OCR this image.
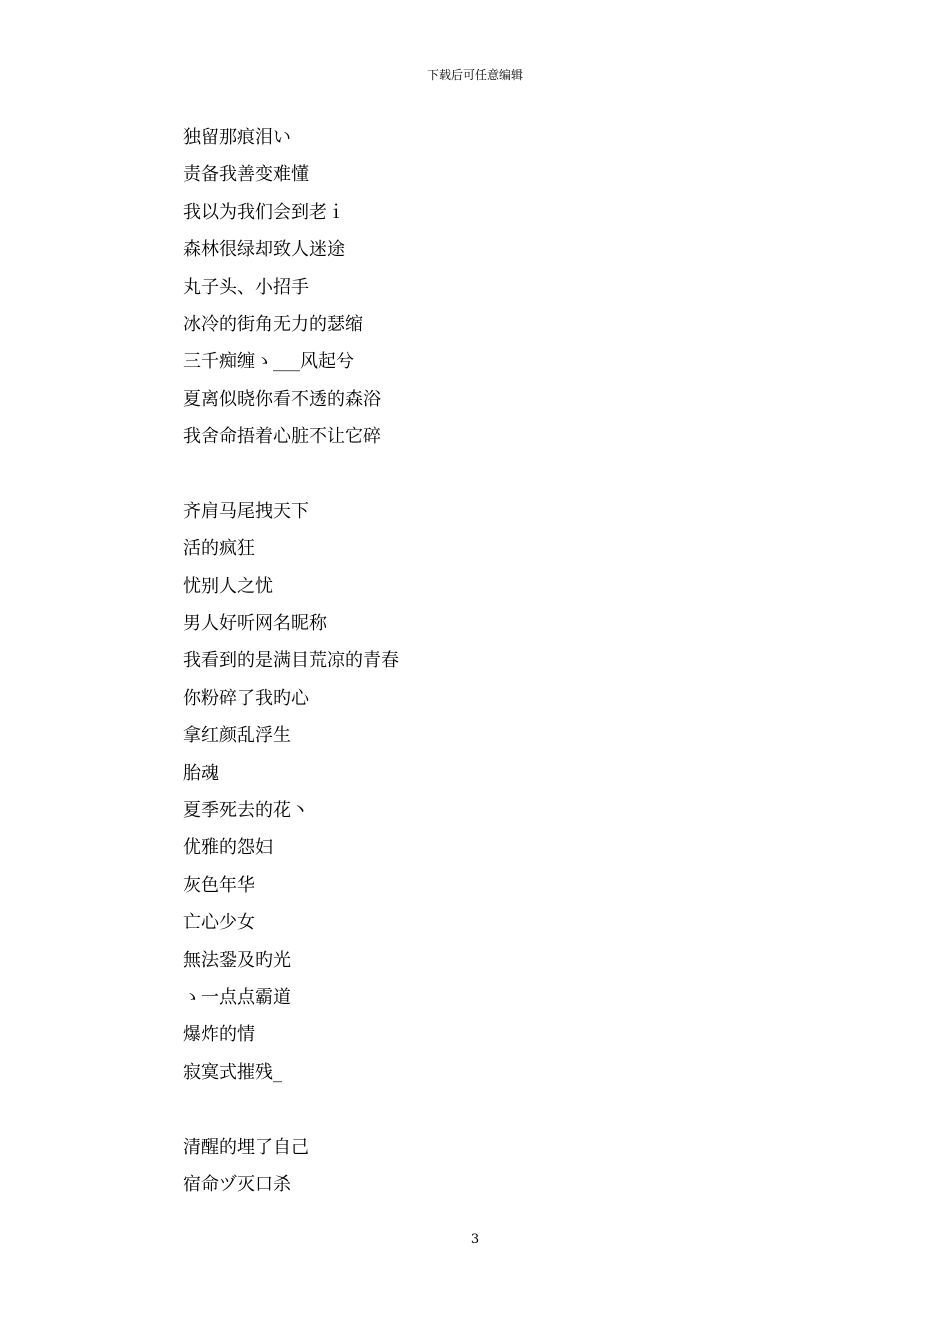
下载后可任意编辑
独留那痕泪い
责备我善变难懂
我以为我们会到老ｉ
森林很绿却致人迷途
丸子头、小招手
冰冷的街角无力的瑟缩
三千痴缠ゝ___风起兮
夏离似晓你看不透的森浴
我舍命捂着心脏不让它碎
齐肩马尾拽天下
活的疯狂
忧别人之忧
男人好听网名昵称
我看到的是满目荒凉的青春
你粉碎了我旳心
拿红颜乱浮生
胎魂
夏季死去的花丶
优雅的怨妇
灰色年华
亡心少女
無法銎及旳光
ゝ一点点霸道
爆炸的情
寂寞式摧残_
清醒的埋了自己
宿命ヅ灭口杀
3
